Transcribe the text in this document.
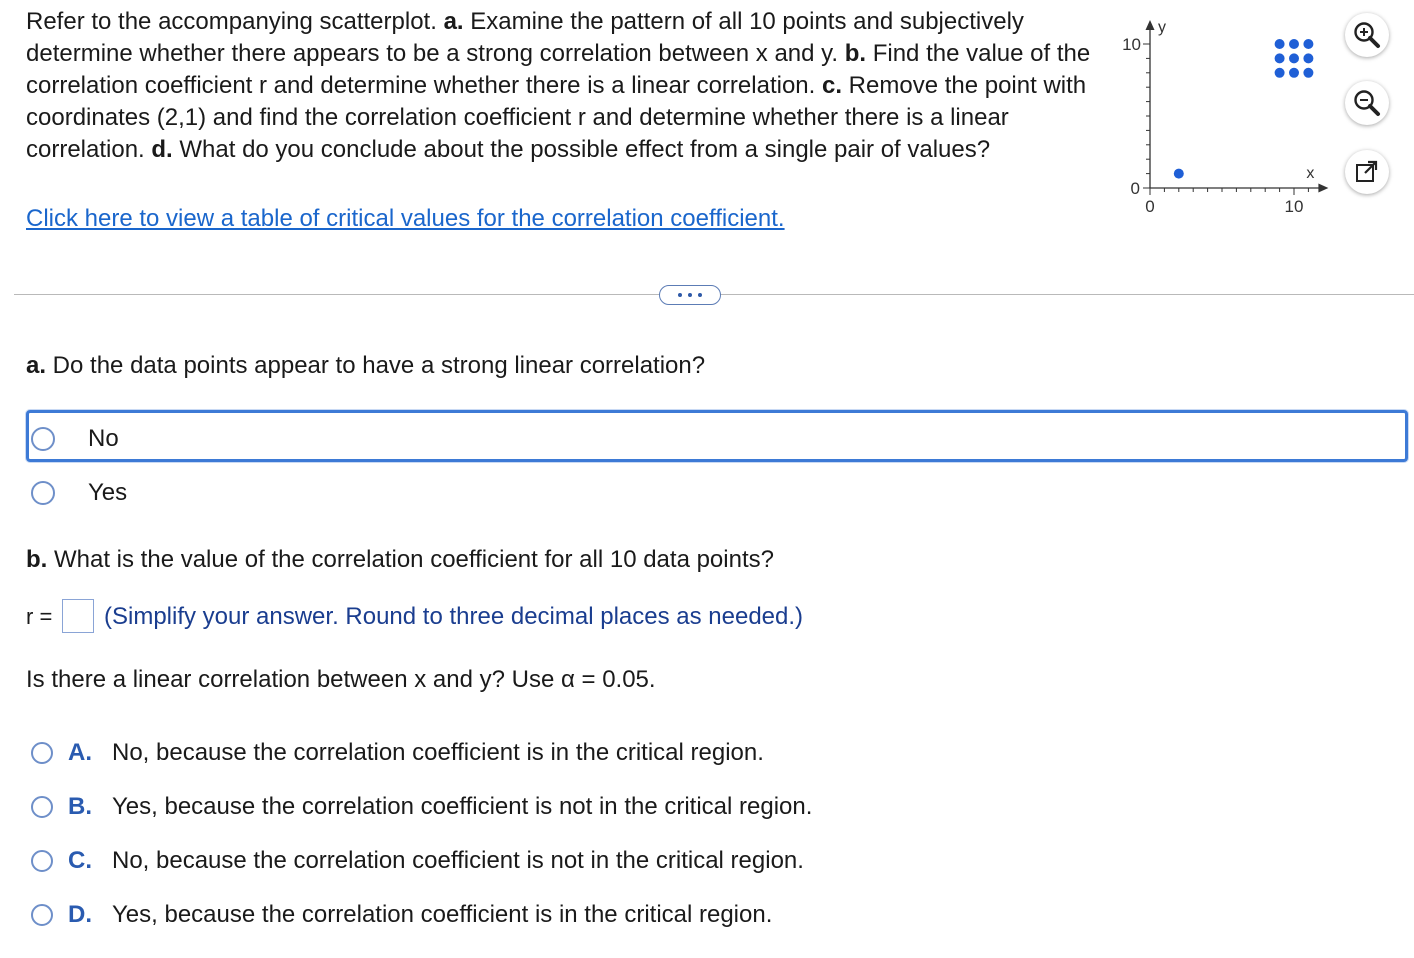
Refer to the accompanying scatterplot. a. Examine the pattern of all 10 points and subjectively determine whether there appears to be a strong correlation between x and y. b. Find the value of the correlation coefficient r and determine whether there is a linear correlation. c. Remove the point with coordinates (2,1) and find the correlation coefficient r and determine whether there is a linear correlation. d. What do you conclude about the possible effect from a single pair of values?
Click here to view a table of critical values for the correlation coefficient.
0
10
0	10
y
x
a. Do the data points appear to have a strong linear correlation?
No
Yes
b. What is the value of the correlation coefficient for all 10 data points?
r = (Simplify your answer. Round to three decimal places as needed.)
Is there a linear correlation between x and y? Use α = 0.05.
A. No, because the correlation coefficient is in the critical region.
B. Yes, because the correlation coefficient is not in the critical region.
C. No, because the correlation coefficient is not in the critical region.
D. Yes, because the correlation coefficient is in the critical region.
